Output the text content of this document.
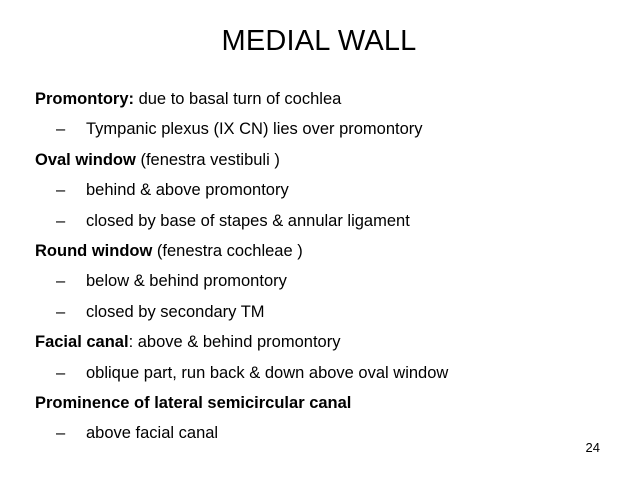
MEDIAL WALL
Promontory: due to basal turn of cochlea
– Tympanic plexus (IX CN) lies over promontory
Oval window (fenestra vestibuli )
– behind & above promontory
– closed by base of stapes & annular ligament
Round window (fenestra cochleae )
– below & behind promontory
– closed by secondary TM
Facial canal: above & behind promontory
– oblique part, run back & down above oval window
Prominence of lateral semicircular canal
– above facial canal
24
